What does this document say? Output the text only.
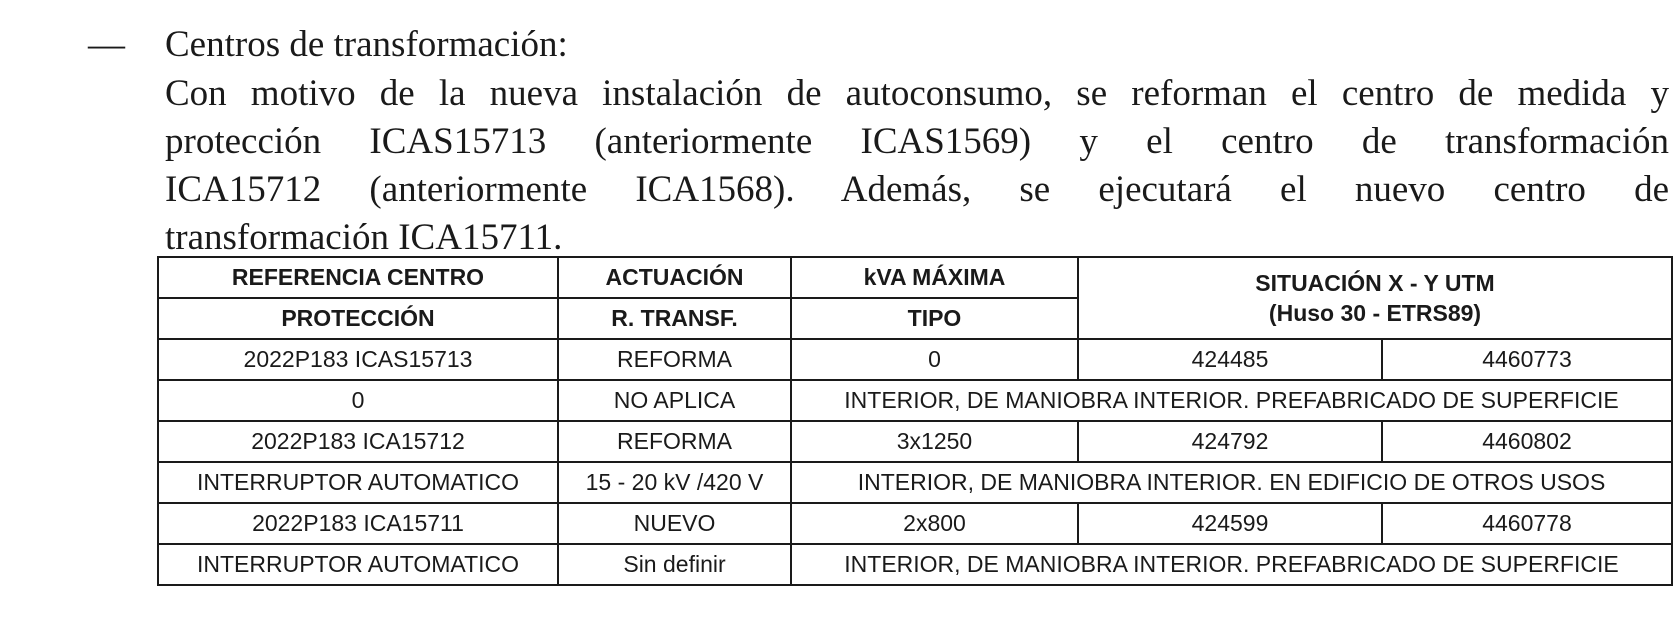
— Centros de transformación:
Con motivo de la nueva instalación de autoconsumo, se reforman el centro de medida y
protección ICAS15713 (anteriormente ICAS1569) y el centro de transformación
ICA15712 (anteriormente ICA1568). Además, se ejecutará el nuevo centro de
transformación ICA15711.
REFERENCIA CENTRO	ACTUACIÓN	kVA MÁXIMA	SITUACIÓN X - Y UTM
(Huso 30 - ETRS89)	

PROTECCIÓN	R. TRANSF.	TIPO		
2022P183 ICAS15713	REFORMA	0	424485	4460773
0	NO APLICA	INTERIOR, DE MANIOBRA INTERIOR. PREFABRICADO DE SUPERFICIE		
2022P183 ICA15712	REFORMA	3x1250	424792	4460802
INTERRUPTOR AUTOMATICO	15 - 20 kV /420 V	INTERIOR, DE MANIOBRA INTERIOR. EN EDIFICIO DE OTROS USOS		
2022P183 ICA15711	NUEVO	2x800	424599	4460778
INTERRUPTOR AUTOMATICO	Sin definir	INTERIOR, DE MANIOBRA INTERIOR. PREFABRICADO DE SUPERFICIE		
